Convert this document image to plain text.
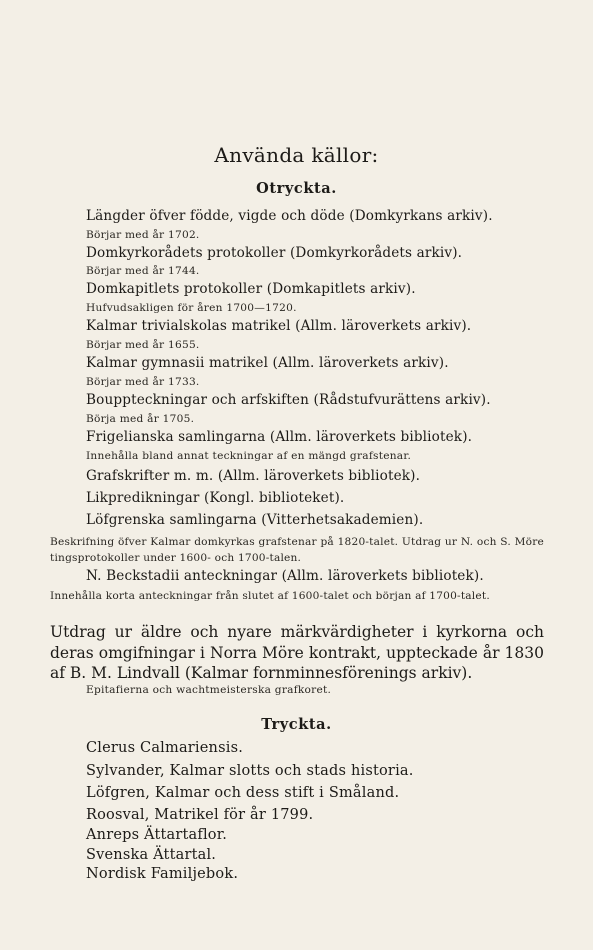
Använda källor:
Otryckta.
Längder öfver födde, vigde och döde (Domkyrkans arkiv).
Börjar med år 1702.
Domkyrkorådets protokoller (Domkyrkorådets arkiv).
Börjar med år 1744.
Domkapitlets protokoller (Domkapitlets arkiv).
Hufvudsakligen för åren 1700—1720.
Kalmar trivialskolas matrikel (Allm. läroverkets arkiv).
Börjar med år 1655.
Kalmar gymnasii matrikel (Allm. läroverkets arkiv).
Börjar med år 1733.
Bouppteckningar och arfskiften (Rådstufvurättens arkiv).
Börja med år 1705.
Frigelianska samlingarna (Allm. läroverkets bibliotek).
Innehålla bland annat teckningar af en mängd grafstenar.
Grafskrifter m. m. (Allm. läroverkets bibliotek).
Likpredikningar (Kongl. biblioteket).
Löfgrenska samlingarna (Vitterhetsakademien).
Beskrifning öfver Kalmar domkyrkas grafstenar på 1820-talet. Utdrag ur N. och S. Möre tingsprotokoller under 1600- och 1700-talen.
N. Beckstadii anteckningar (Allm. läroverkets bibliotek).
Innehålla korta anteckningar från slutet af 1600-talet och början af 1700-talet.
Utdrag ur äldre och nyare märkvärdigheter i kyrkorna och deras omgifningar i Norra Möre kontrakt, uppteckade år 1830 af B. M. Lindvall (Kalmar fornminnesförenings arkiv).
Epitafierna och wachtmeisterska grafkoret.
Tryckta.
Clerus Calmariensis.
Sylvander, Kalmar slotts och stads historia.
Löfgren, Kalmar och dess stift i Småland.
Roosval, Matrikel för år 1799.
Anreps Ättartaflor.
Svenska Ättartal.
Nordisk Familjebok.
